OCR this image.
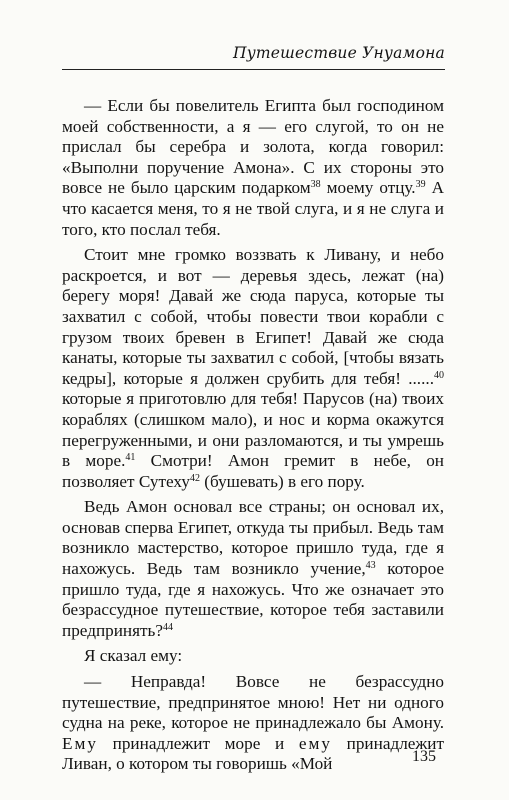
Путешествие Унуамона

— Если бы повелитель Египта был господином моей собственности, а я — его слугой, то он не прислал бы серебра и золота, когда говорил: «Выполни поручение Амона». С их стороны это вовсе не было царским подарком$^{38}$ моему отцу.$^{39}$ А что касается меня, то я не твой слуга, и я не слуга и того, кто послал тебя.

Стоит мне громко воззвать к Ливану, и небо раскроется, и вот — деревья здесь, лежат (на) берегу моря! Давай же сюда паруса, которые ты захватил с собой, чтобы повести твои корабли с грузом твоих бревен в Египет! Давай же сюда канаты, которые ты захватил с собой, [чтобы вязать кедры], которые я должен срубить для тебя! ......$^{40}$ которые я приготовлю для тебя! Парусов (на) твоих кораблях (слишком мало), и нос и корма окажутся перегруженными, и они разломаются, и ты умрешь в море.$^{41}$ Смотри! Амон гремит в небе, он позволяет Сутеху$^{42}$ (бушевать) в его пору.

Ведь Амон основал все страны; он основал их, основав сперва Египет, откуда ты прибыл. Ведь там возникло мастерство, которое пришло туда, где я нахожусь. Ведь там возникло учение,$^{43}$ которое пришло туда, где я нахожусь. Что же означает это безрассудное путешествие, которое тебя заставили предпринять?$^{44}$

Я сказал ему:

— Неправда! Вовсе не безрассудно путешествие, предпринятое мною! Нет ни одного судна на реке, которое не принадлежало бы Амону. Ему принадлежит море и ему принадлежит Ливан, о котором ты говоришь «Мой	135
